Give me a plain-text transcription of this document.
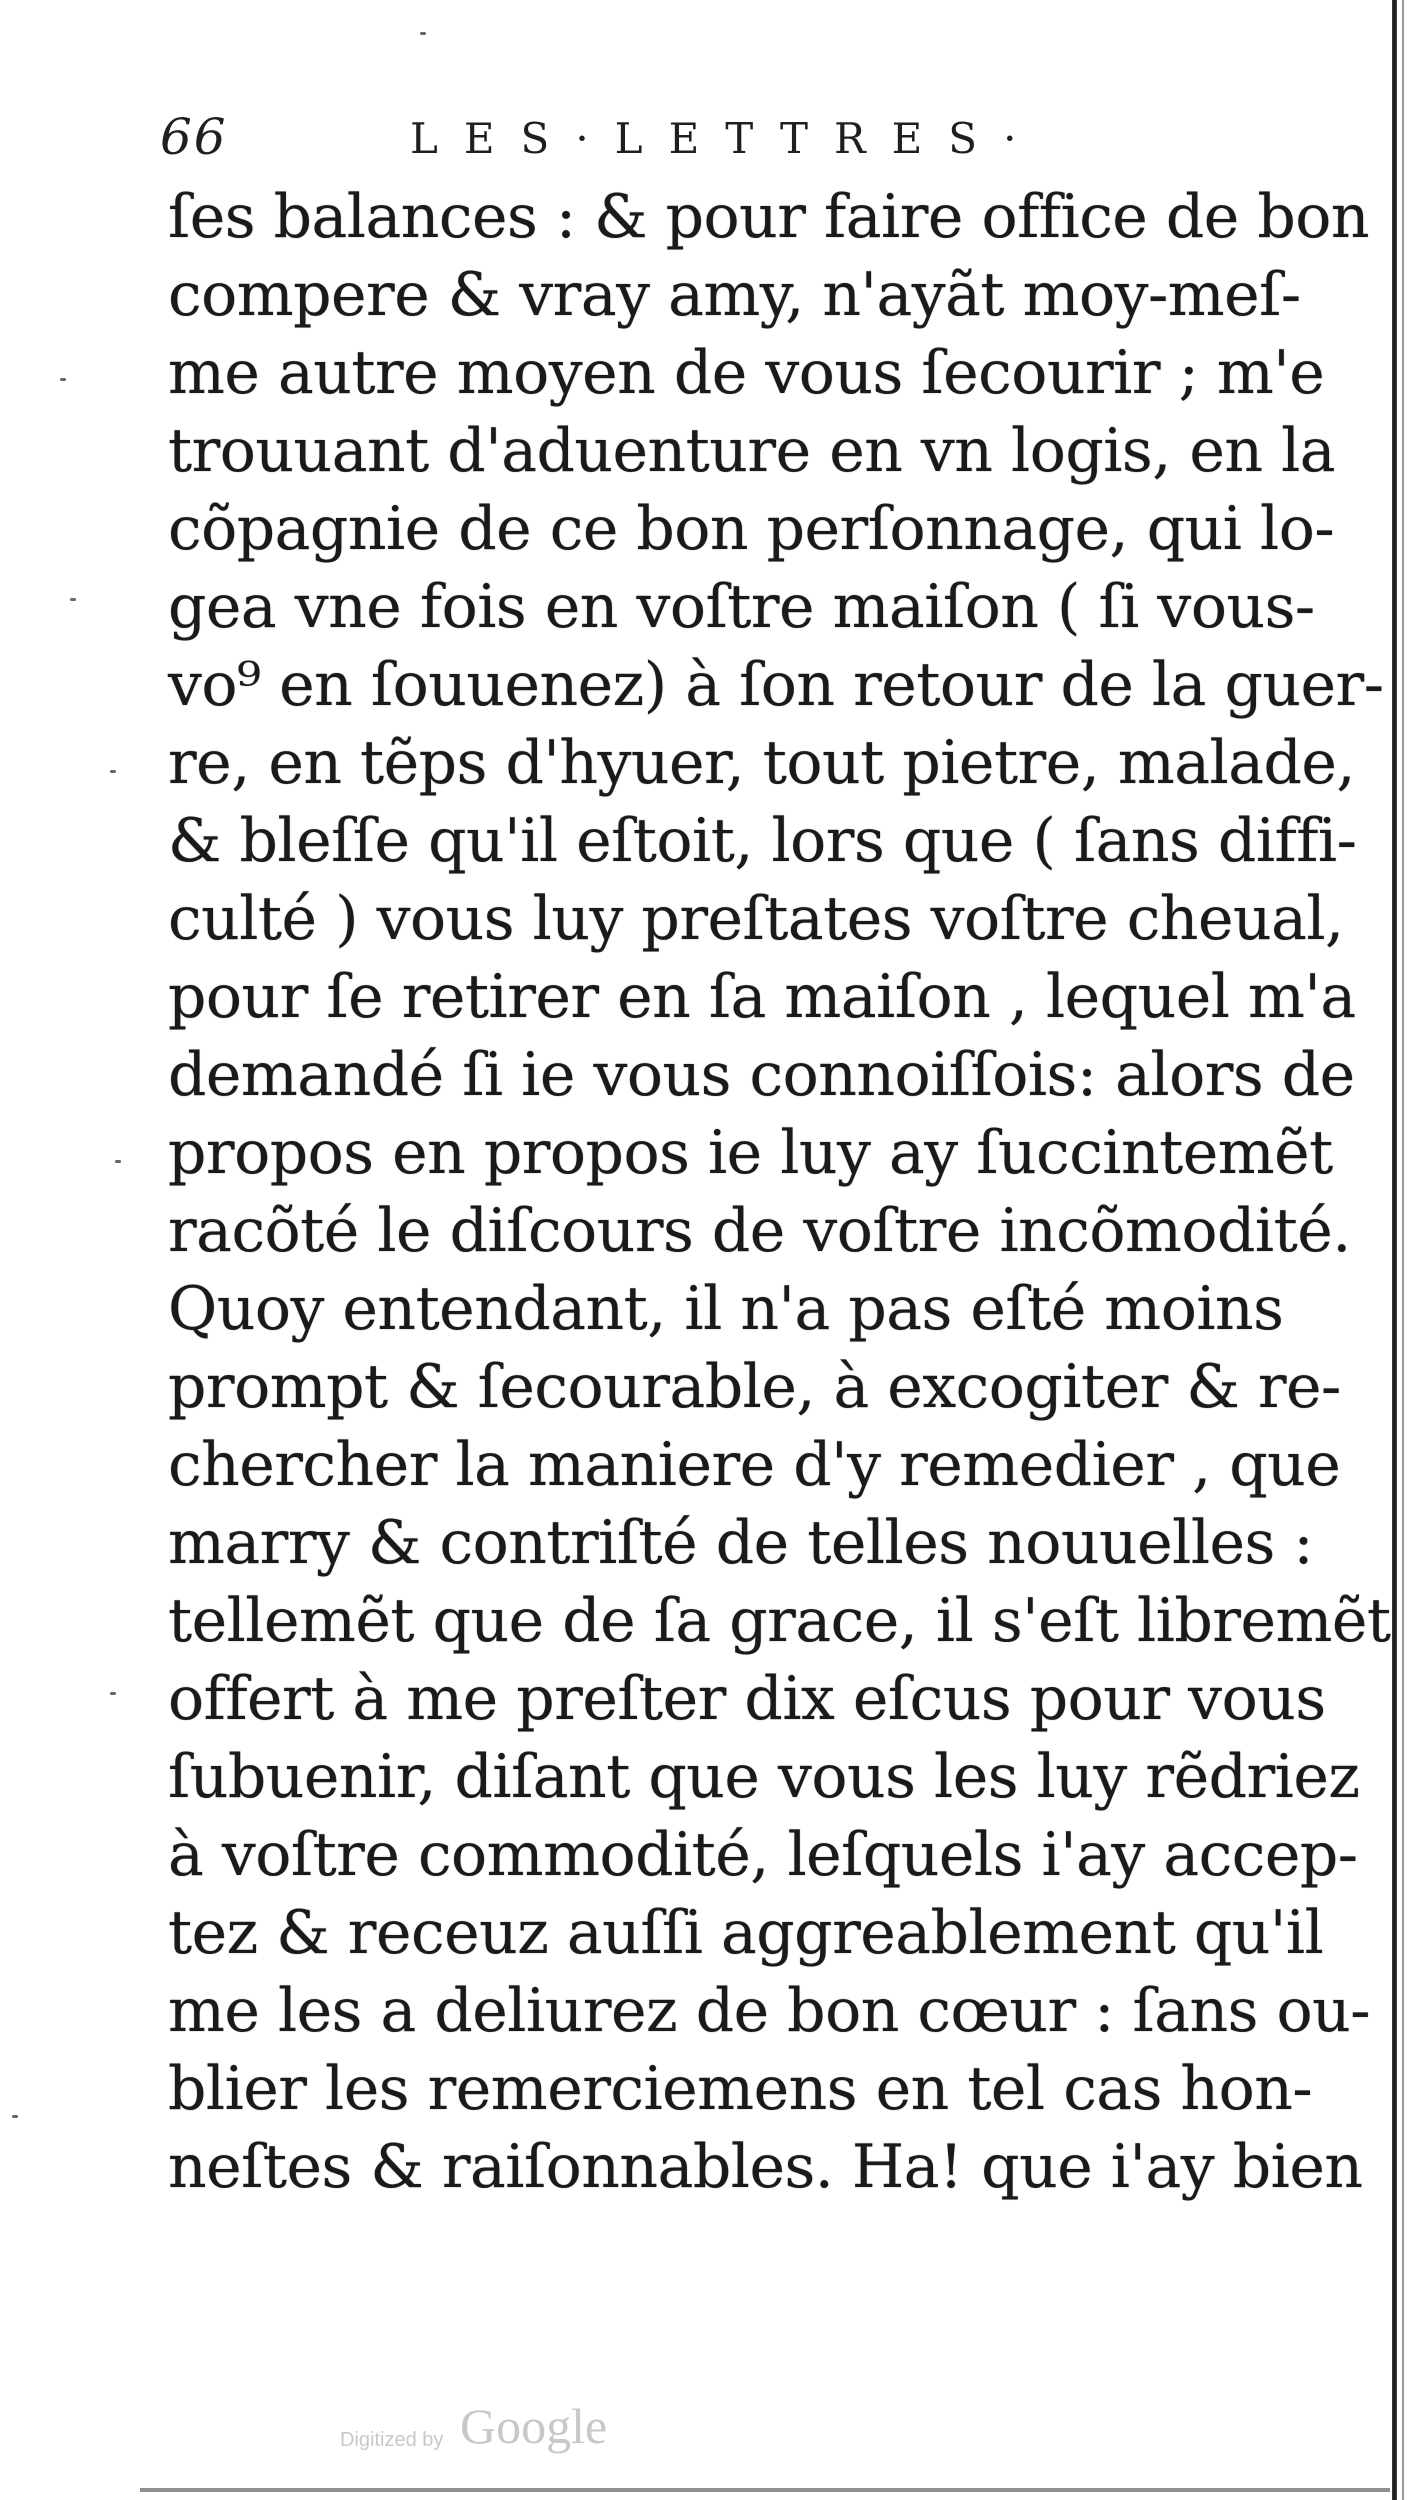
66	LES·LETTRES·
ſes balances : & pour faire office de bon
compere & vray amy, n'ayãt moy-meſ-
me autre moyen de vous ſecourir ; m'e
trouuant d'aduenture en vn logis, en la
cõpagnie de ce bon perſonnage, qui lo-
gea vne fois en voſtre maiſon ( ſi vous-
vo⁹ en ſouuenez) à ſon retour de la guer-
re, en tẽps d'hyuer, tout pietre, malade,
& bleſſe qu'il eſtoit, lors que ( ſans diffi-
culté ) vous luy preſtates voſtre cheual,
pour ſe retirer en ſa maiſon , lequel m'a
demandé ſi ie vous connoiſſois: alors de
propos en propos ie luy ay ſuccintemẽt
racõté le diſcours de voſtre incõmodité.
Quoy entendant, il n'a pas eſté moins
prompt & ſecourable, à excogiter & re-
chercher la maniere d'y remedier , que
marry & contriſté de telles nouuelles :
tellemẽt que de ſa grace, il s'eſt libremẽt
offert à me preſter dix eſcus pour vous
ſubuenir, diſant que vous les luy rẽdriez
à voſtre commodité, leſquels i'ay accep-
tez & receuz auſſi aggreablement qu'il
me les a deliurez de bon cœur : ſans ou-
blier les remerciemens en tel cas hon-
neſtes & raiſonnables. Ha! que i'ay bien
Digitized by Google
